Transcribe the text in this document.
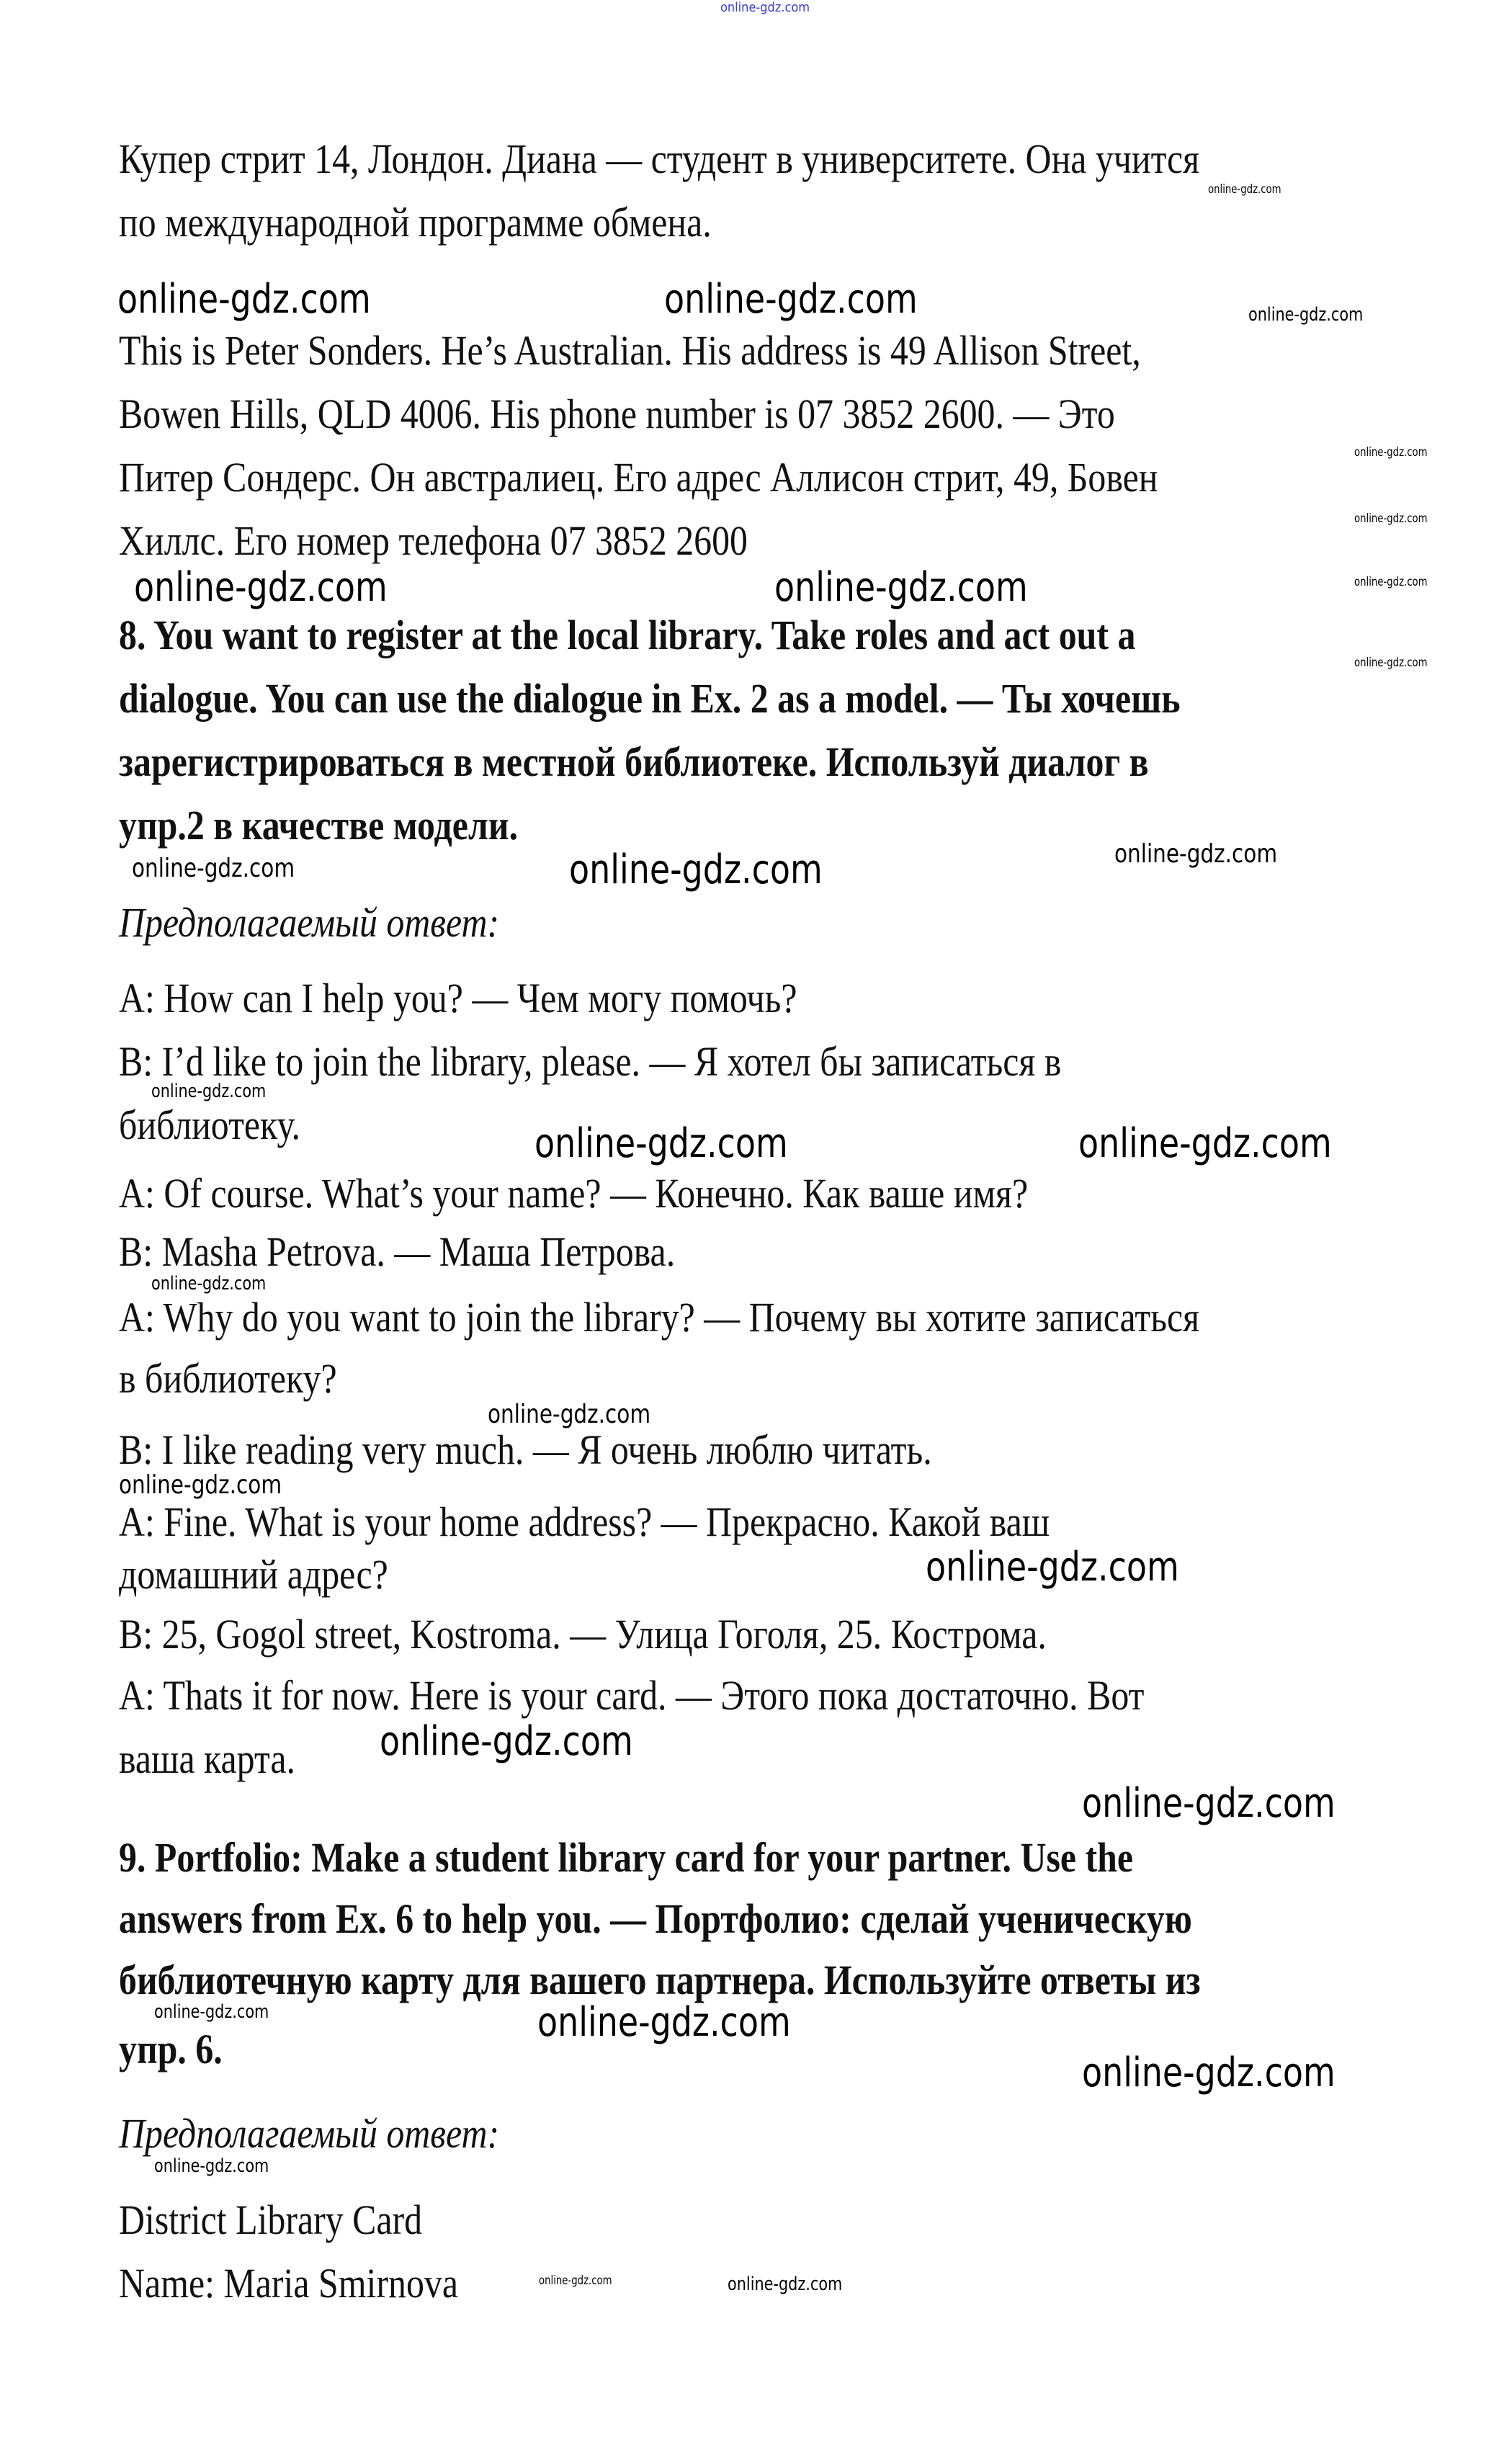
online-gdz.com
Купер стрит 14, Лондон. Диана — студент в университете. Она учится
online-gdz.com
по международной программе обмена.
online-gdz.com	online-gdz.com	online-gdz.com
This is Peter Sonders. He’s Australian. His address is 49 Allison Street,
Bowen Hills, QLD 4006. His phone number is 07 3852 2600. — Это
online-gdz.com
Питер Сондерс. Он австралиец. Его адрес Аллисон стрит, 49, Бовен
online-gdz.com
Хиллс. Его номер телефона 07 3852 2600
online-gdz.com	online-gdz.com	online-gdz.com
8. You want to register at the local library. Take roles and act out a
online-gdz.com
dialogue. You can use the dialogue in Ex. 2 as a model. — Ты хочешь
зарегистрироваться в местной библиотеке. Используй диалог в
упр.2 в качестве модели.
online-gdz.com
online-gdz.com	online-gdz.com
Предполагаемый ответ:
A: How can I help you? — Чем могу помочь?
B: I’d like to join the library, please. — Я хотел бы записаться в
online-gdz.com
библиотеку.	online-gdz.com	online-gdz.com
A: Of course. What’s your name? — Конечно. Как ваше имя?
B: Masha Petrova. — Маша Петрова.
online-gdz.com
A: Why do you want to join the library? — Почему вы хотите записаться
в библиотеку?
online-gdz.com
B: I like reading very much. — Я очень люблю читать.
online-gdz.com
A: Fine. What is your home address? — Прекрасно. Какой ваш
online-gdz.com
домашний адрес?
B: 25, Gogol street, Kostroma. — Улица Гоголя, 25. Кострома.
A: Thats it for now. Here is your card. — Этого пока достаточно. Вот
online-gdz.com
ваша карта.
online-gdz.com
9. Portfolio: Make a student library card for your partner. Use the
answers from Ex. 6 to help you. — Портфолио: сделай ученическую
библиотечную карту для вашего партнера. Используйте ответы из
online-gdz.com	online-gdz.com
упр. 6.
online-gdz.com
Предполагаемый ответ:
online-gdz.com
District Library Card
Name: Maria Smirnova	online-gdz.com	online-gdz.com
